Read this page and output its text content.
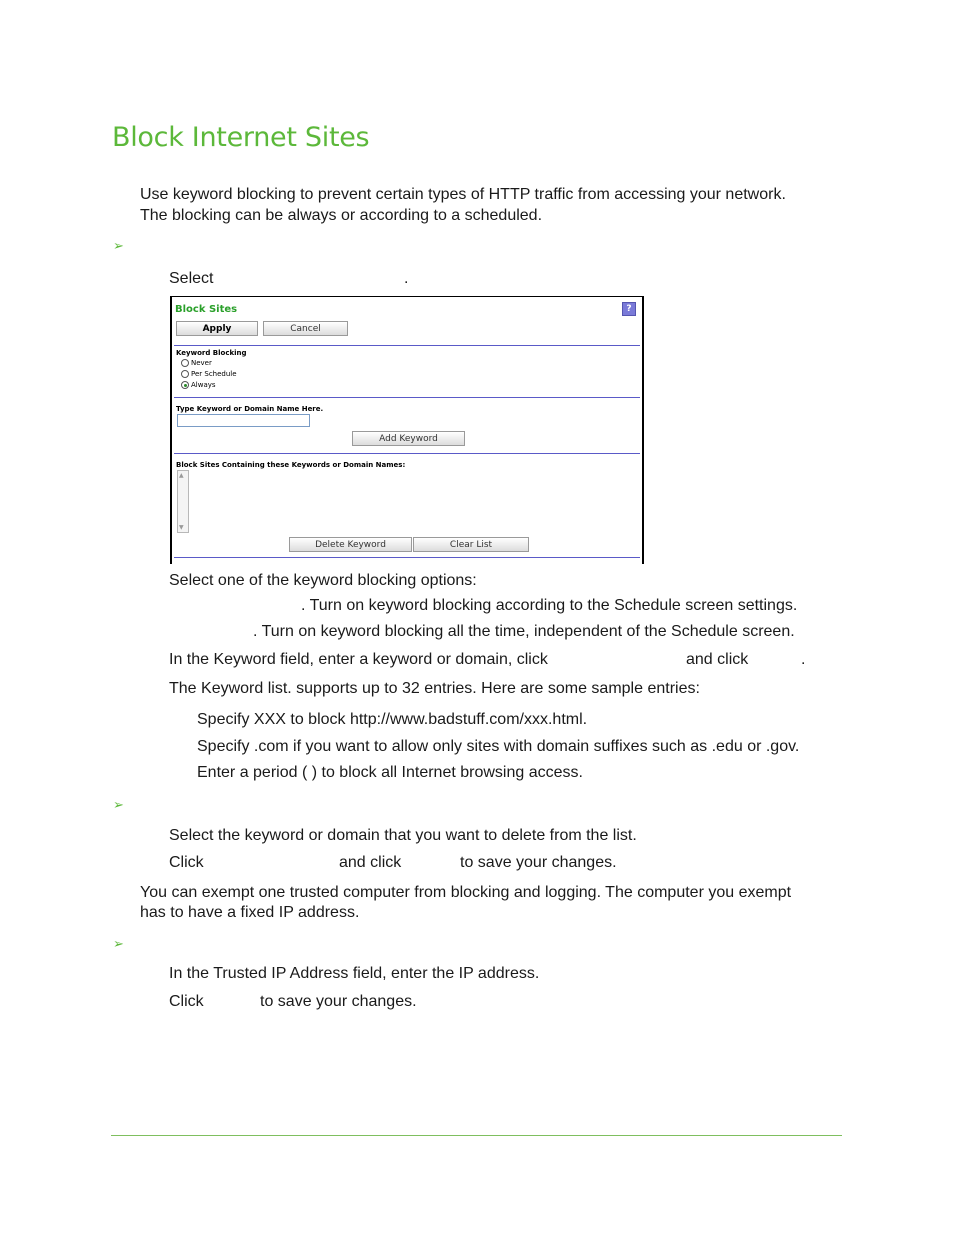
Block Internet Sites
Use keyword blocking to prevent certain types of HTTP traffic from accessing your network.
The blocking can be always or according to a scheduled.
➢
Select	.
Block Sites	?
Apply	Cancel
Keyword Blocking
Never
Per Schedule
Always
Type Keyword or Domain Name Here.
Add Keyword
Block Sites Containing these Keywords or Domain Names:
▲
▼
Delete Keyword	Clear List
Select one of the keyword blocking options:
. Turn on keyword blocking according to the Schedule screen settings.
. Turn on keyword blocking all the time, independent of the Schedule screen.
In the Keyword field, enter a keyword or domain, click	and click	.
The Keyword list. supports up to 32 entries. Here are some sample entries:
Specify XXX to block http://www.badstuff.com/xxx.html.
Specify .com if you want to allow only sites with domain suffixes such as .edu or .gov.
Enter a period ( ) to block all Internet browsing access.
➢
Select the keyword or domain that you want to delete from the list.
Click	and click	to save your changes.
You can exempt one trusted computer from blocking and logging. The computer you exempt
has to have a fixed IP address.
➢
In the Trusted IP Address field, enter the IP address.
Click	to save your changes.
